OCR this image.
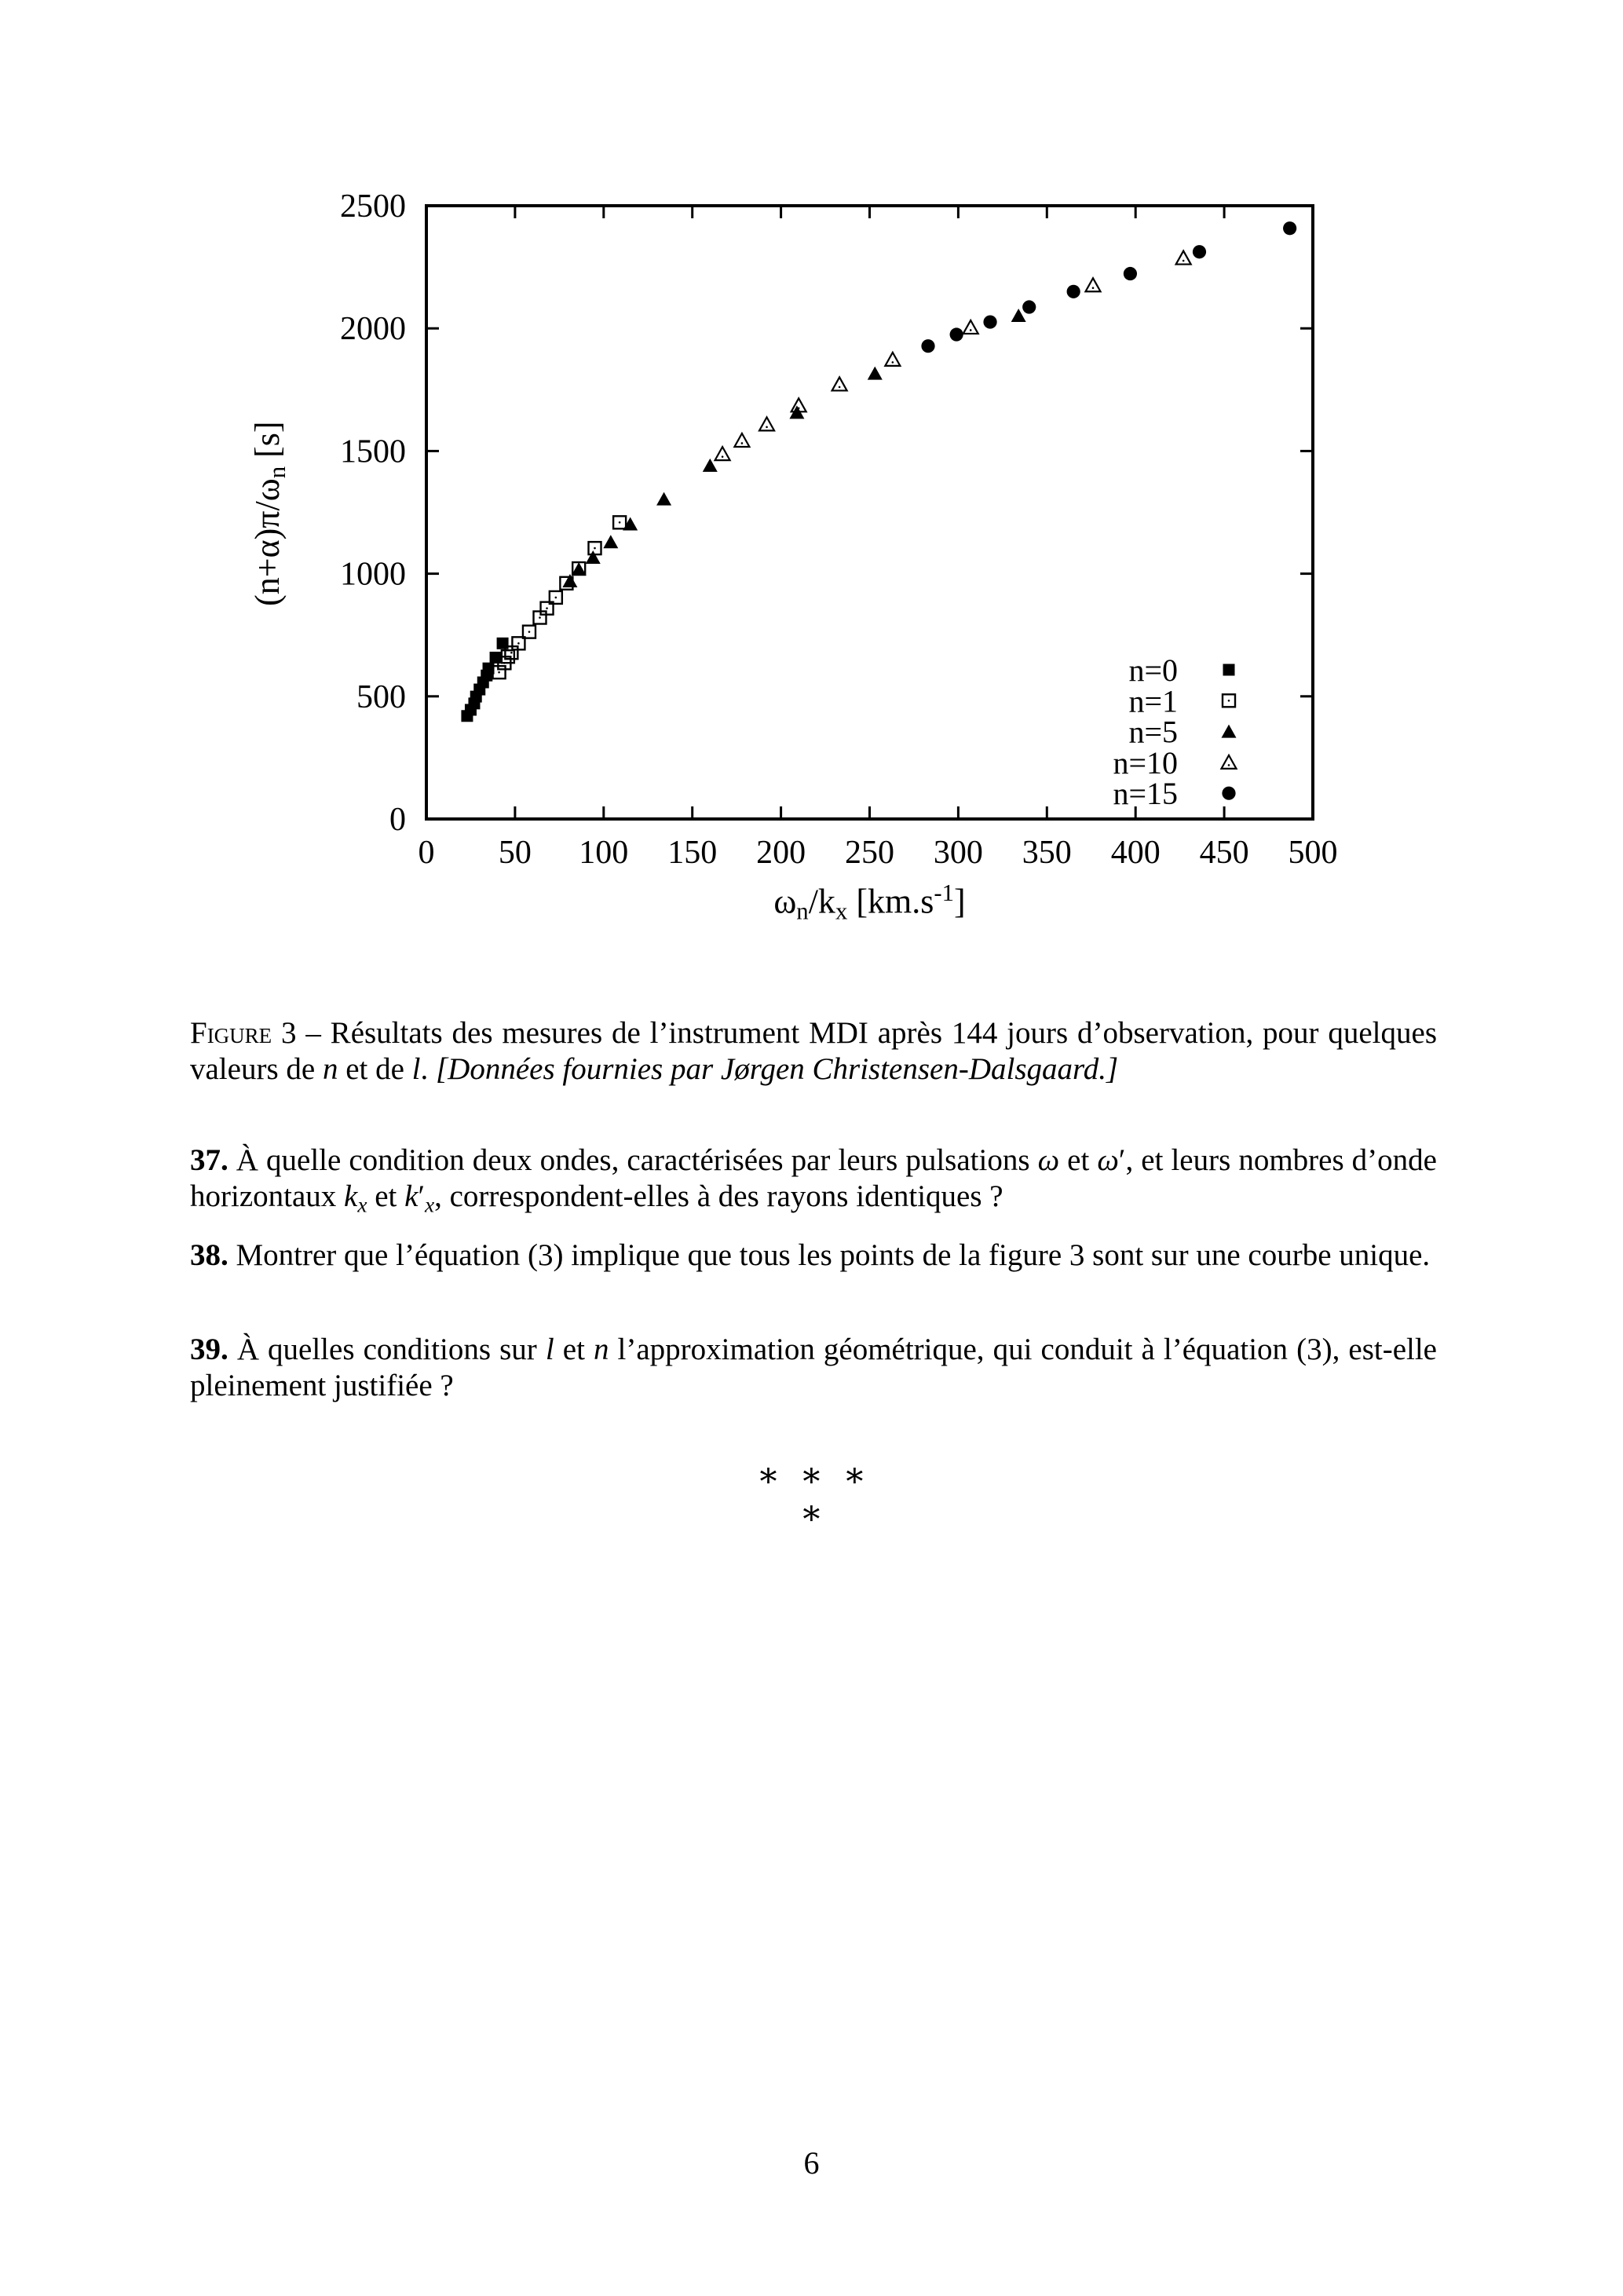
0 50 100 150 200 250 300 350 400 450 500
0
500
1000
1500
2000
2500
n=0
n=1
n=5
n=10
n=15
(n+α)π/ωn [s]
ωn/kx $[km.s^{-1}]$
Figure 3 – Résultats des mesures de l’instrument MDI après 144 jours d’observation, pour quelques valeurs de n et de l. [Données fournies par Jørgen Christensen-Dalsgaard.]
37. À quelle condition deux ondes, caractérisées par leurs pulsations ω et ω′, et leurs nombres d’onde horizontaux kx et k′x, correspondent-elles à des rayons identiques ?
38. Montrer que l’équation (3) implique que tous les points de la figure 3 sont sur une courbe unique.
39. À quelles conditions sur l et n l’approximation géométrique, qui conduit à l’équation (3), est-elle pleinement justifiée ?
∗ ∗ ∗
∗
6
